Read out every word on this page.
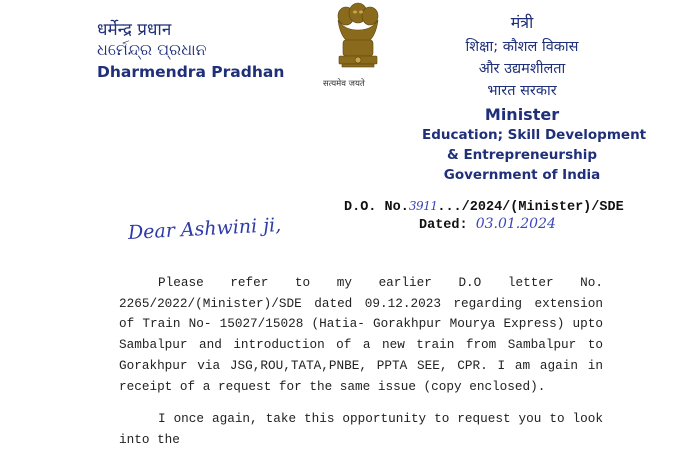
धर्मेन्द्र प्रधान
ଧର୍ମେନ୍ଦ୍ର ପ୍ରଧାନ
Dharmendra Pradhan
सत्यमेव जयते
मंत्री
शिक्षा; कौशल विकास
और उद्यमशीलता
भारत सरकार
Minister
Education; Skill Development
& Entrepreneurship
Government of India
D.O. No.3911.../2024/(Minister)/SDE
Dated: 03.01.2024
Dear Ashwini ji,
Please refer to my earlier D.O letter No. 2265/2022/(Minister)/SDE dated 09.12.2023 regarding extension of Train No- 15027/15028 (Hatia- Gorakhpur Mourya Express) upto Sambalpur and introduction of a new train from Sambalpur to Gorakhpur via JSG,ROU,TATA,PNBE, PPTA SEE, CPR. I am again in receipt of a request for the same issue (copy enclosed).
I once again, take this opportunity to request you to look into the
